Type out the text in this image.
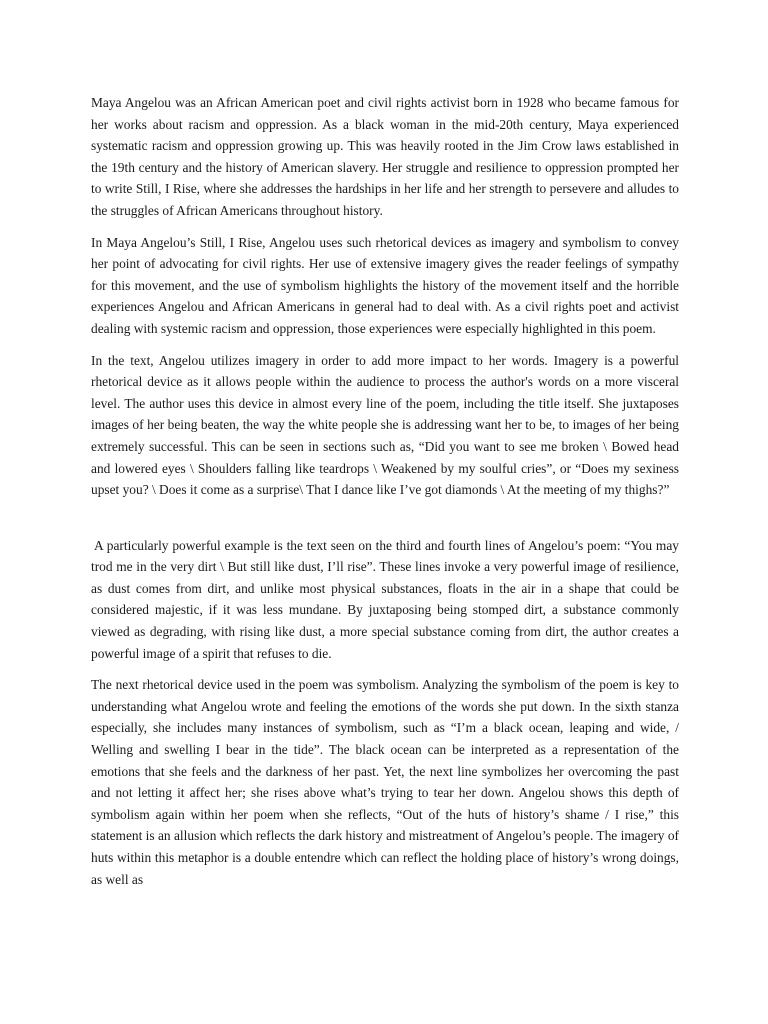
Maya Angelou was an African American poet and civil rights activist born in 1928 who became famous for her works about racism and oppression. As a black woman in the mid-20th century, Maya experienced systematic racism and oppression growing up. This was heavily rooted in the Jim Crow laws established in the 19th century and the history of American slavery. Her struggle and resilience to oppression prompted her to write Still, I Rise, where she addresses the hardships in her life and her strength to persevere and alludes to the struggles of African Americans throughout history.

In Maya Angelou’s Still, I Rise, Angelou uses such rhetorical devices as imagery and symbolism to convey her point of advocating for civil rights. Her use of extensive imagery gives the reader feelings of sympathy for this movement, and the use of symbolism highlights the history of the movement itself and the horrible experiences Angelou and African Americans in general had to deal with. As a civil rights poet and activist dealing with systemic racism and oppression, those experiences were especially highlighted in this poem.

In the text, Angelou utilizes imagery in order to add more impact to her words. Imagery is a powerful rhetorical device as it allows people within the audience to process the author's words on a more visceral level. The author uses this device in almost every line of the poem, including the title itself. She juxtaposes images of her being beaten, the way the white people she is addressing want her to be, to images of her being extremely successful. This can be seen in sections such as, “Did you want to see me broken \ Bowed head and lowered eyes \ Shoulders falling like teardrops \ Weakened by my soulful cries”, or “Does my sexiness upset you? \ Does it come as a surprise\ That I dance like I’ve got diamonds \ At the meeting of my thighs?”

A particularly powerful example is the text seen on the third and fourth lines of Angelou’s poem: “You may trod me in the very dirt \ But still like dust, I’ll rise”. These lines invoke a very powerful image of resilience, as dust comes from dirt, and unlike most physical substances, floats in the air in a shape that could be considered majestic, if it was less mundane. By juxtaposing being stomped dirt, a substance commonly viewed as degrading, with rising like dust, a more special substance coming from dirt, the author creates a powerful image of a spirit that refuses to die.

The next rhetorical device used in the poem was symbolism. Analyzing the symbolism of the poem is key to understanding what Angelou wrote and feeling the emotions of the words she put down. In the sixth stanza especially, she includes many instances of symbolism, such as “I’m a black ocean, leaping and wide, / Welling and swelling I bear in the tide”. The black ocean can be interpreted as a representation of the emotions that she feels and the darkness of her past. Yet, the next line symbolizes her overcoming the past and not letting it affect her; she rises above what’s trying to tear her down. Angelou shows this depth of symbolism again within her poem when she reflects, “Out of the huts of history’s shame / I rise,” this statement is an allusion which reflects the dark history and mistreatment of Angelou’s people. The imagery of huts within this metaphor is a double entendre which can reflect the holding place of history’s wrong doings, as well as
